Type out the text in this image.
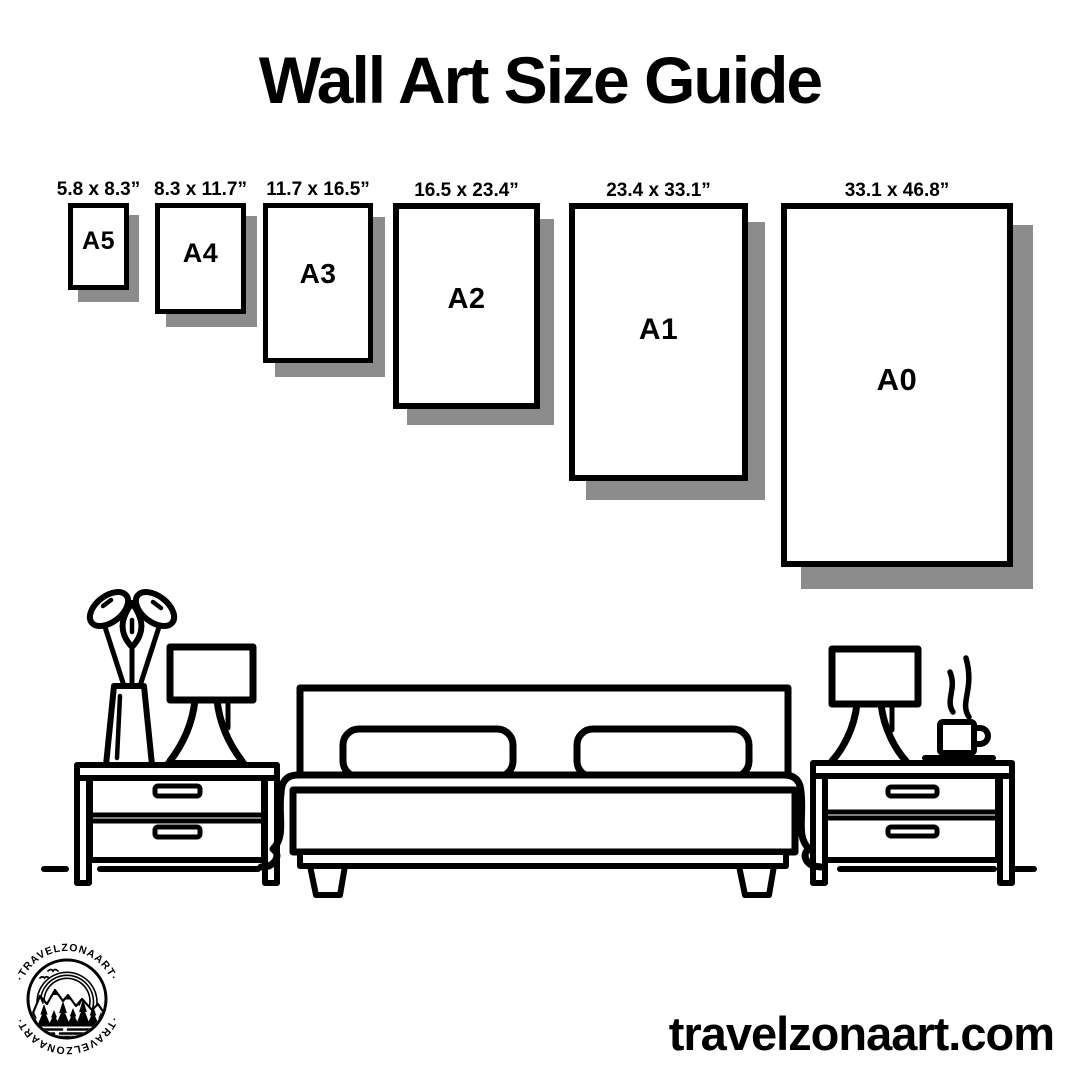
Wall Art Size Guide
5.8 x 8.3”
A5
8.3 x 11.7”
A4
11.7 x 16.5”
A3
16.5 x 23.4”
A2
23.4 x 33.1”
A1
33.1 x 46.8”
A0
·TRAVELZONAART·
·TRAVELZONAART·	travelzonaart.com
